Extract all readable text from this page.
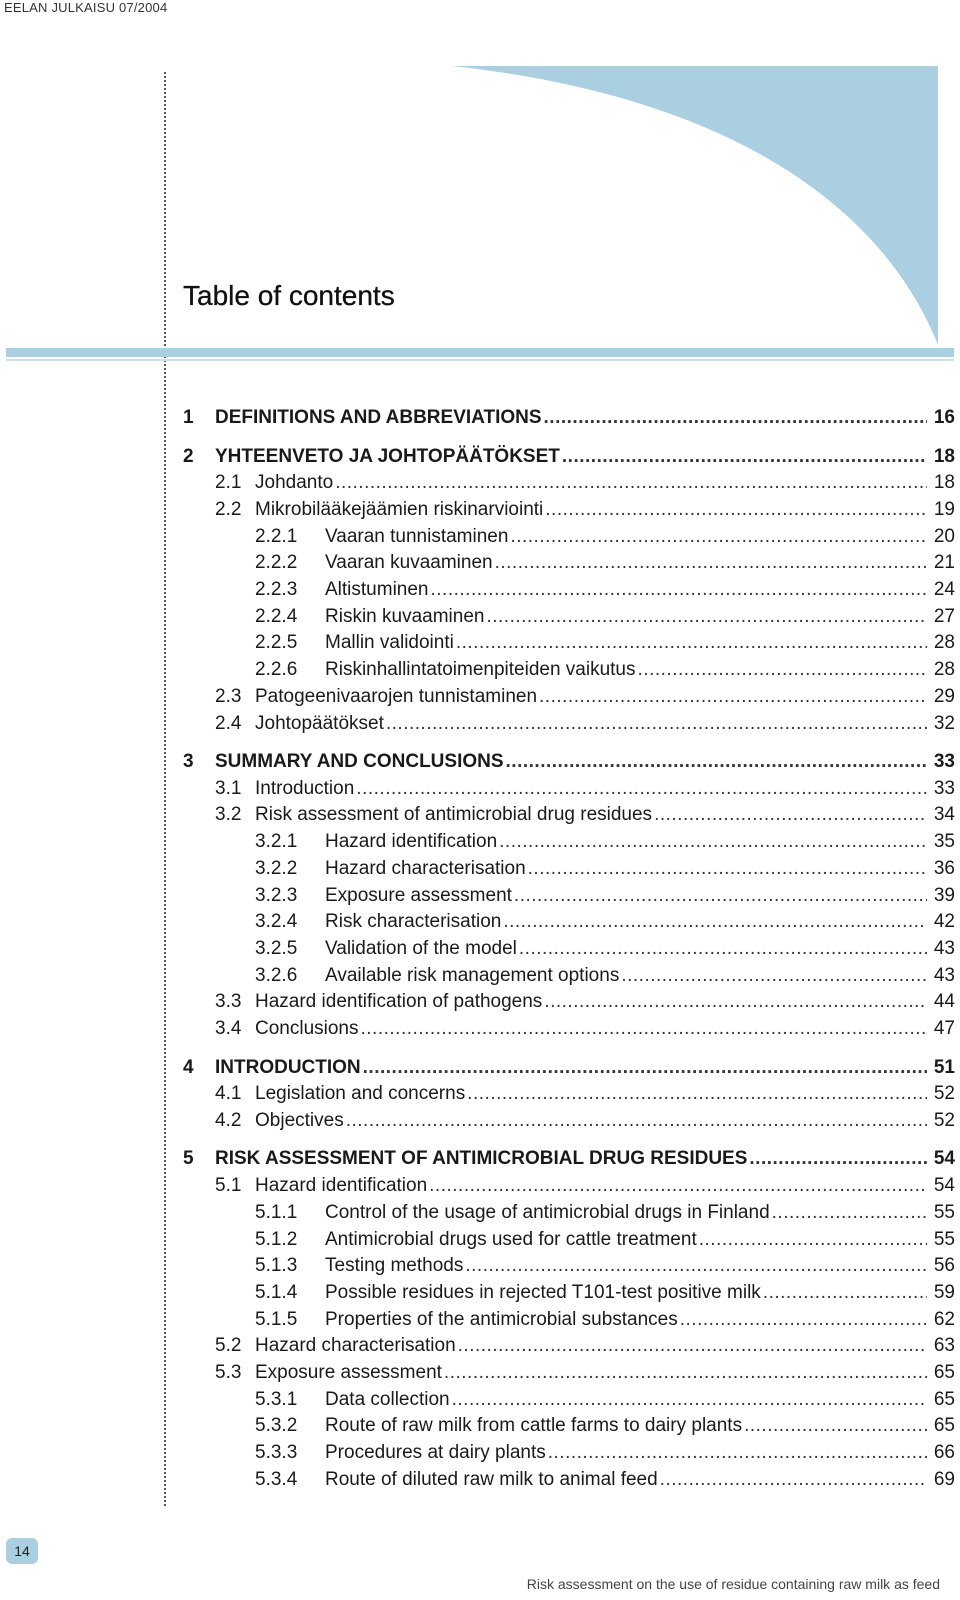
EELAN JULKAISU 07/2004
Table of contents
1	DEFINITIONS AND ABBREVIATIONS .....	16
2	YHTEENVETO JA JOHTOPÄÄTÖKSET .....	18
2.1 Johdanto .....	18
2.2 Mikrobilääkejäämien riskinarviointi .....	19
2.2.1	Vaaran tunnistaminen .....	20
2.2.2	Vaaran kuvaaminen .....	21
2.2.3	Altistuminen .....	24
2.2.4	Riskin kuvaaminen .....	27
2.2.5	Mallin validointi .....	28
2.2.6	Riskinhallintatoimenpiteiden vaikutus .....	28
2.3 Patogeenivaarojen tunnistaminen .....	29
2.4 Johtopäätökset .....	32
3	SUMMARY AND CONCLUSIONS .....	33
3.1 Introduction .....	33
3.2 Risk assessment of antimicrobial drug residues .....	34
3.2.1	Hazard identification .....	35
3.2.2	Hazard characterisation .....	36
3.2.3	Exposure assessment .....	39
3.2.4	Risk characterisation .....	42
3.2.5	Validation of the model .....	43
3.2.6	Available risk management options .....	43
3.3 Hazard identification of pathogens .....	44
3.4 Conclusions .....	47
4	INTRODUCTION .....	51
4.1 Legislation and concerns .....	52
4.2 Objectives .....	52
5	RISK ASSESSMENT OF ANTIMICROBIAL DRUG RESIDUES .....	54
5.1 Hazard identification .....	54
5.1.1	Control of the usage of antimicrobial drugs in Finland .....	55
5.1.2	Antimicrobial drugs used for cattle treatment .....	55
5.1.3	Testing methods .....	56
5.1.4	Possible residues in rejected T101-test positive milk .....	59
5.1.5	Properties of the antimicrobial substances .....	62
5.2 Hazard characterisation .....	63
5.3 Exposure assessment .....	65
5.3.1	Data collection .....	65
5.3.2	Route of raw milk from cattle farms to dairy plants .....	65
5.3.3	Procedures at dairy plants .....	66
5.3.4	Route of diluted raw milk to animal feed .....	69
14
Risk assessment on the use of residue containing raw milk as feed
